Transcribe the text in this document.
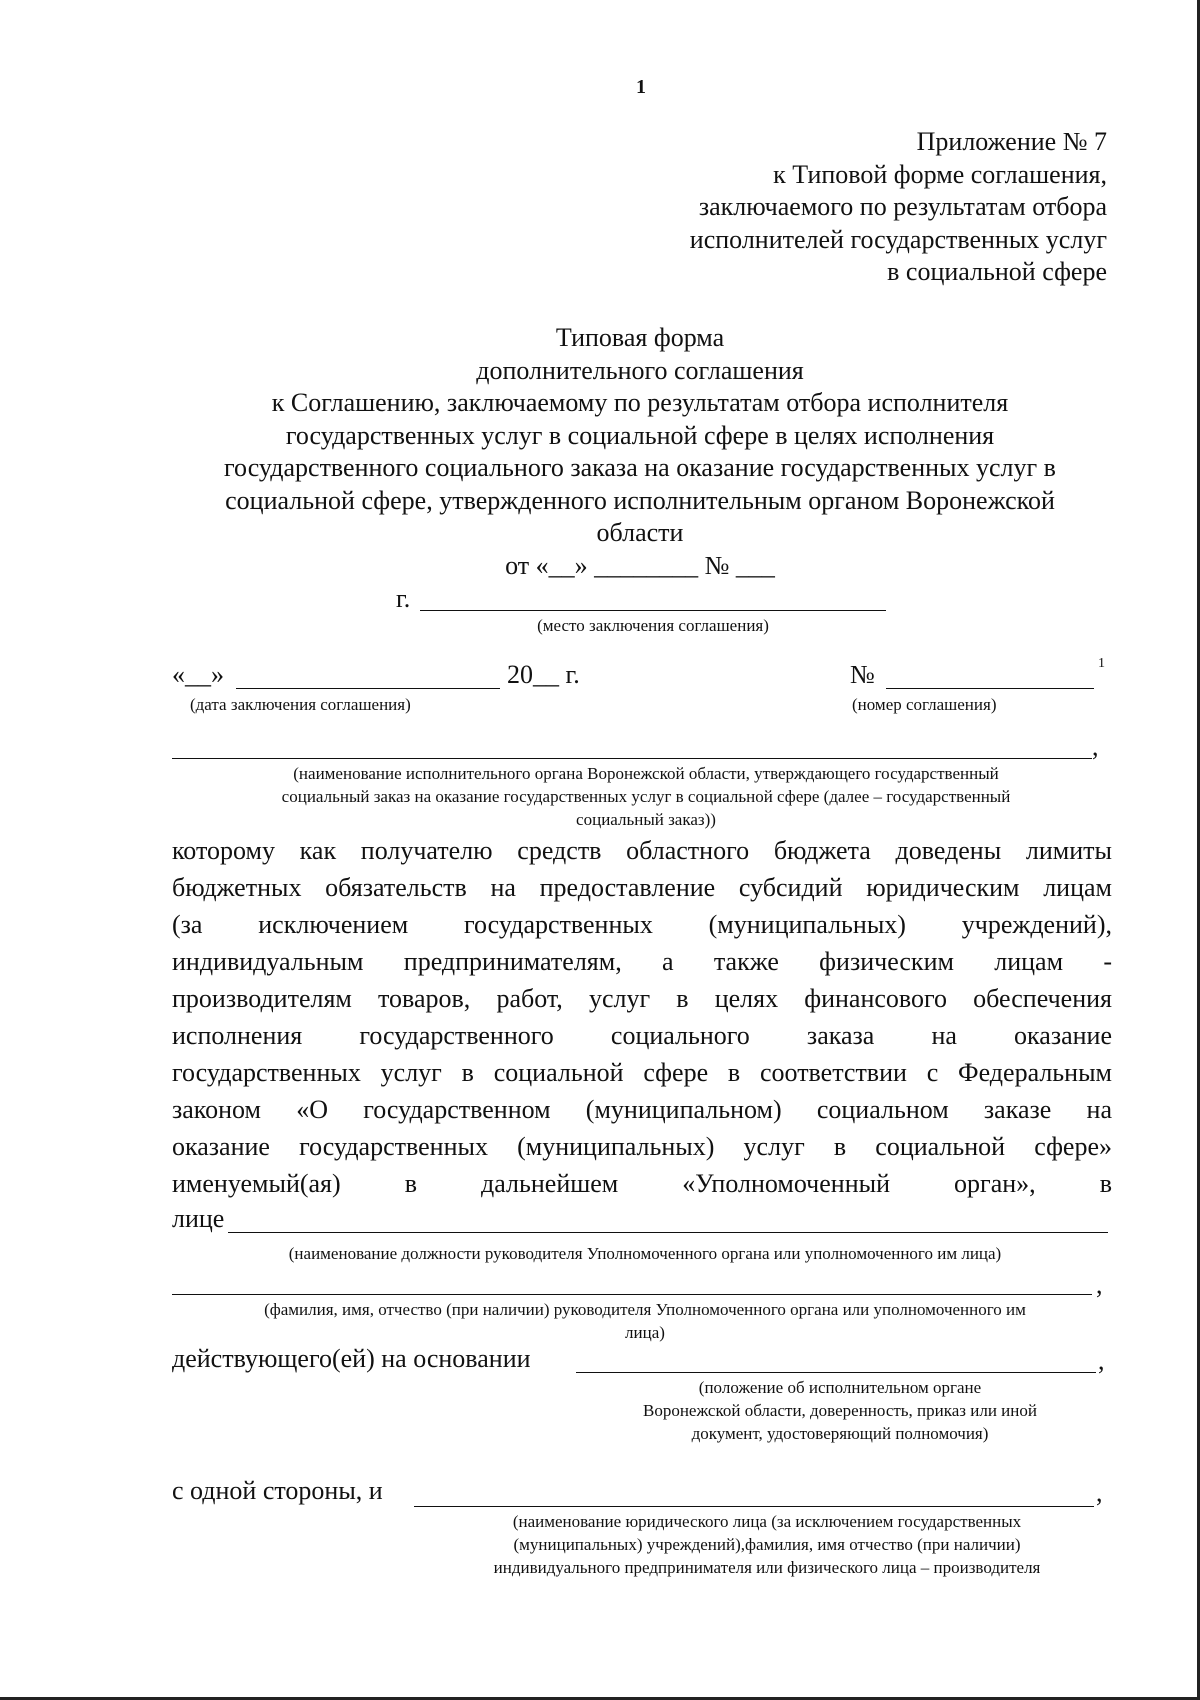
1
Приложение № 7
к Типовой форме соглашения,
заключаемого по результатам отбора
исполнителей государственных услуг
в социальной сфере
Типовая форма
дополнительного соглашения
к Соглашению, заключаемому по результатам отбора исполнителя
государственных услуг в социальной сфере в целях исполнения
государственного социального заказа на оказание государственных услуг в
социальной сфере, утвержденного исполнительным органом Воронежской
области
от «__» ________ № ___
г.
(место заключения соглашения)
«__»	20__ г.
(дата заключения соглашения)
№	1
(номер соглашения)
,
(наименование исполнительного органа Воронежской области, утверждающего государственный
социальный заказ на оказание государственных услуг в социальной сфере (далее – государственный
социальный заказ))
которому как получателю средств областного бюджета доведены лимиты
бюджетных обязательств на предоставление субсидий юридическим лицам
(за исключением государственных (муниципальных) учреждений),
индивидуальным предпринимателям, а также физическим лицам -
производителям товаров, работ, услуг в целях финансового обеспечения
исполнения государственного социального заказа на оказание
государственных услуг в социальной сфере в соответствии с Федеральным
законом «О государственном (муниципальном) социальном заказе на
оказание государственных (муниципальных) услуг в социальной сфере»
именуемый(ая) в дальнейшем «Уполномоченный орган», в
лице
(наименование должности руководителя Уполномоченного органа или уполномоченного им лица)
,
(фамилия, имя, отчество (при наличии) руководителя Уполномоченного органа или уполномоченного им
лица)
действующего(ей) на основании	,
(положение об исполнительном органе
Воронежской области, доверенность, приказ или иной
документ, удостоверяющий полномочия)
с одной стороны, и	,
(наименование юридического лица (за исключением государственных
(муниципальных) учреждений),фамилия, имя отчество (при наличии)
индивидуального предпринимателя или физического лица – производителя
